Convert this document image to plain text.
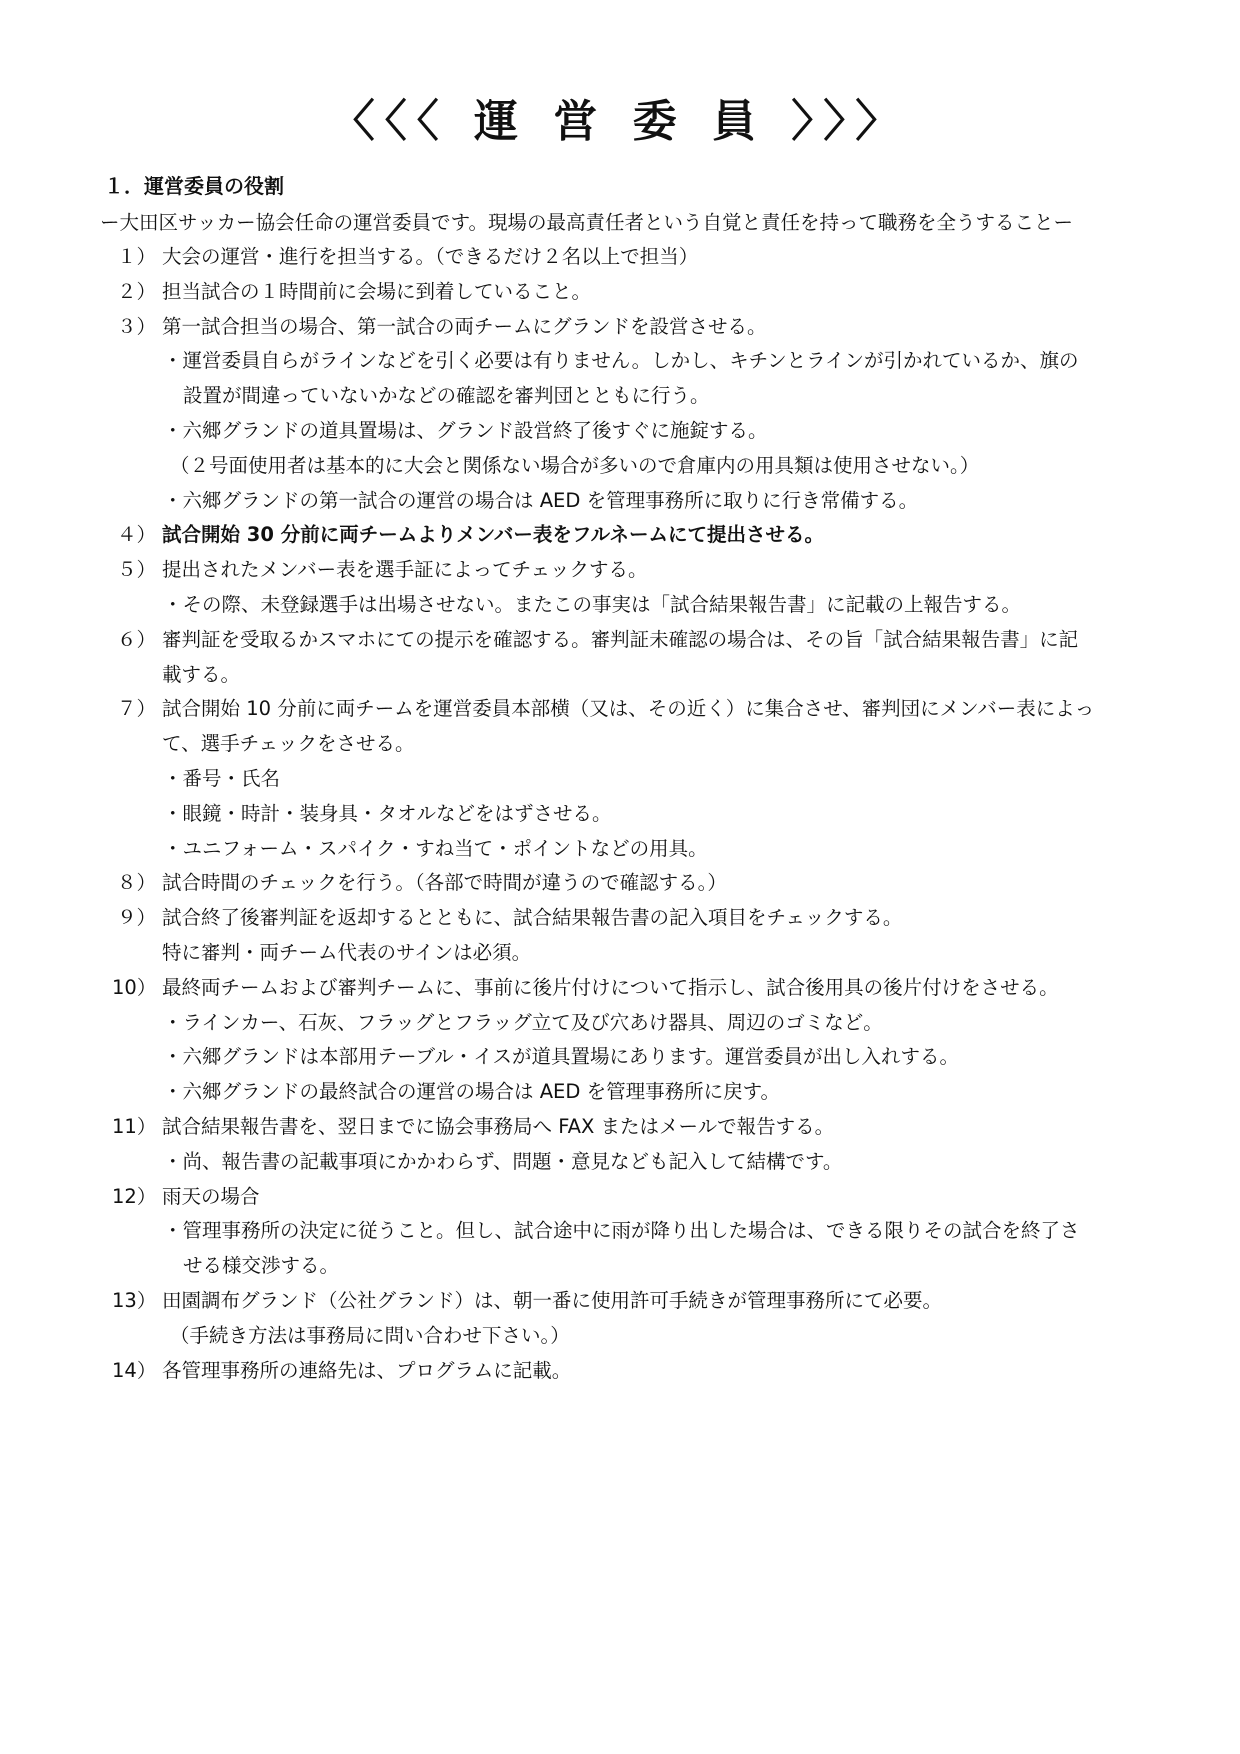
〈〈〈 運 営 委 員 〉〉〉
１．運営委員の役割
ー大田区サッカー協会任命の運営委員です。現場の最高責任者という自覚と責任を持って職務を全うすることー
１） 大会の運営・進行を担当する。（できるだけ２名以上で担当）
２） 担当試合の１時間前に会場に到着していること。
３） 第一試合担当の場合、第一試合の両チームにグランドを設営させる。
・運営委員自らがラインなどを引く必要は有りません。しかし、キチンとラインが引かれているか、旗の
設置が間違っていないかなどの確認を審判団とともに行う。
・六郷グランドの道具置場は、グランド設営終了後すぐに施錠する。
（２号面使用者は基本的に大会と関係ない場合が多いので倉庫内の用具類は使用させない。）
・六郷グランドの第一試合の運営の場合は AED を管理事務所に取りに行き常備する。
４） 試合開始 30 分前に両チームよりメンバー表をフルネームにて提出させる。
５） 提出されたメンバー表を選手証によってチェックする。
・その際、未登録選手は出場させない。またこの事実は「試合結果報告書」に記載の上報告する。
６） 審判証を受取るかスマホにての提示を確認する。審判証未確認の場合は、その旨「試合結果報告書」に記
載する。
７） 試合開始 10 分前に両チームを運営委員本部横（又は、その近く）に集合させ、審判団にメンバー表によっ
て、選手チェックをさせる。
・番号・氏名
・眼鏡・時計・装身具・タオルなどをはずさせる。
・ユニフォーム・スパイク・すね当て・ポイントなどの用具。
８） 試合時間のチェックを行う。（各部で時間が違うので確認する。）
９） 試合終了後審判証を返却するとともに、試合結果報告書の記入項目をチェックする。
特に審判・両チーム代表のサインは必須。
10） 最終両チームおよび審判チームに、事前に後片付けについて指示し、試合後用具の後片付けをさせる。
・ラインカー、石灰、フラッグとフラッグ立て及び穴あけ器具、周辺のゴミなど。
・六郷グランドは本部用テーブル・イスが道具置場にあります。運営委員が出し入れする。
・六郷グランドの最終試合の運営の場合は AED を管理事務所に戻す。
11） 試合結果報告書を、翌日までに協会事務局へ FAX またはメールで報告する。
・尚、報告書の記載事項にかかわらず、問題・意見なども記入して結構です。
12） 雨天の場合
・管理事務所の決定に従うこと。但し、試合途中に雨が降り出した場合は、できる限りその試合を終了さ
せる様交渉する。
13） 田園調布グランド（公社グランド）は、朝一番に使用許可手続きが管理事務所にて必要。
（手続き方法は事務局に問い合わせ下さい。）
14） 各管理事務所の連絡先は、プログラムに記載。
